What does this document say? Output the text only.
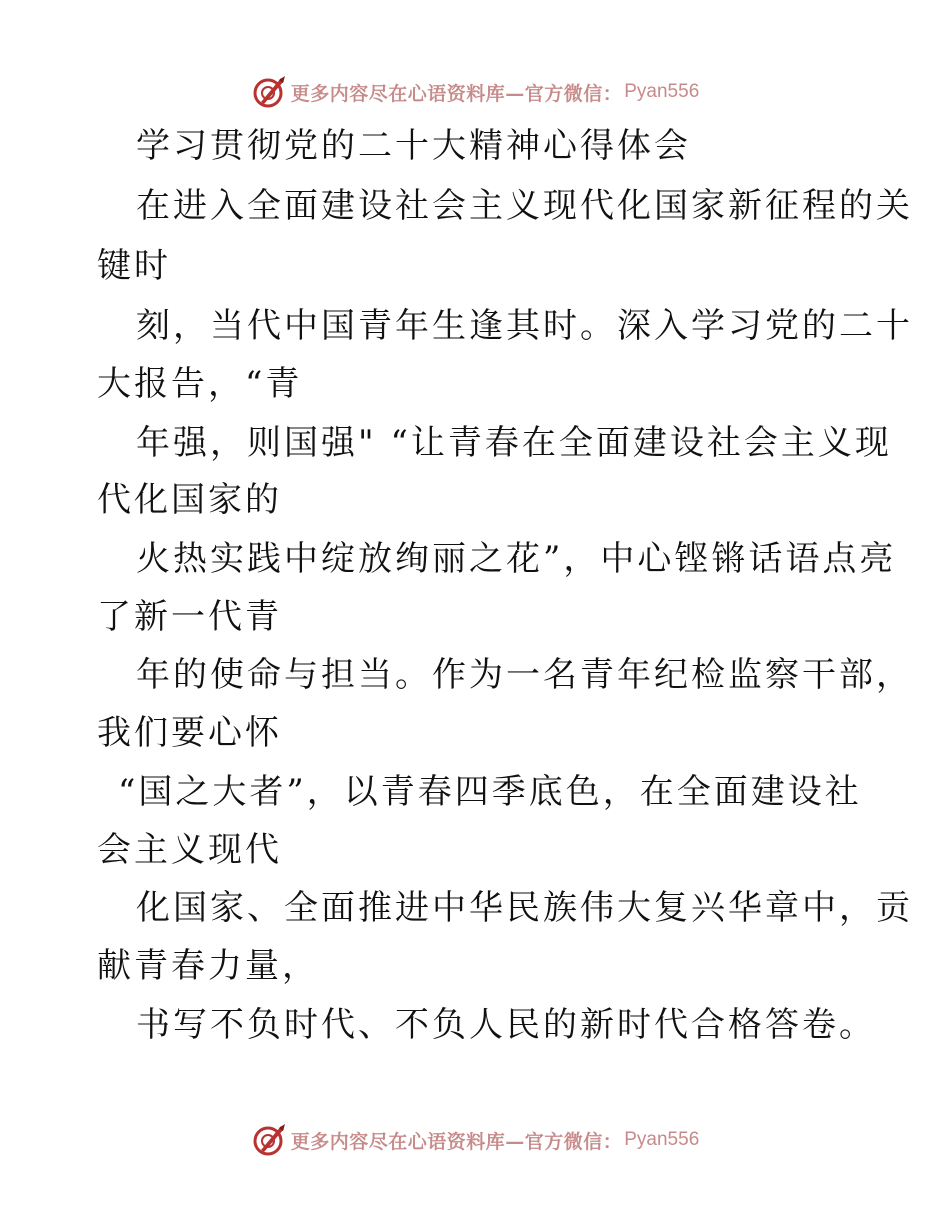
更多内容尽在心语资料库—官方微信： Pyan556
学习贯彻党的二十大精神心得体会
在进入全面建设社会主义现代化国家新征程的关
键时
刻，当代中国青年生逢其时。深入学习党的二十
大报告，“青
年强，则国强" “让青春在全面建设社会主义现
代化国家的
火热实践中绽放绚丽之花”，中心铿锵话语点亮
了新一代青
年的使命与担当。作为一名青年纪检监察干部，
我们要心怀
“国之大者”，以青春四季底色，在全面建设社
会主义现代
化国家、全面推进中华民族伟大复兴华章中，贡
献青春力量，
书写不负时代、不负人民的新时代合格答卷。
更多内容尽在心语资料库—官方微信： Pyan556
